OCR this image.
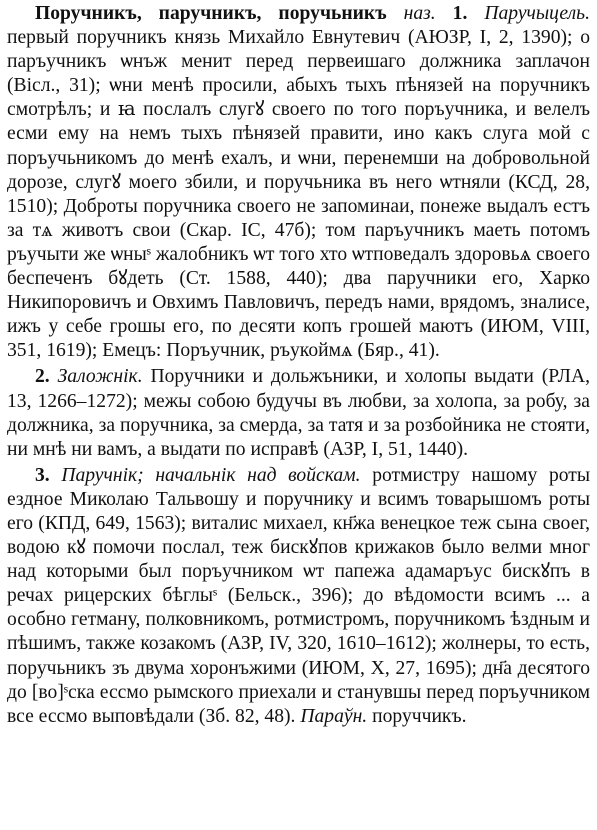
Поручникъ, паручникъ, поручьникъ наз. 1. Паручыцель. первый поручникъ князь Михайло Евнутевич (АЮЗР, I, 2, 1390); о паръучникъ ѡнъж менит перед первеишаго должника заплачон (Вісл., 31); ѡни менѣ просили, абыхъ тыхъ пѣнязей на поручникъ смотрѣлъ; и ꙗ послалъ слугꙋ своего по того поръучника, и велелъ есми ему на немъ тыхъ пѣнязей правити, ино какъ слуга мой с поръучьникомъ до менѣ ехалъ, и ѡни, перенемши на добровольной дорозе, слугꙋ моего збили, и поручьника въ него ѡтняли (КСД, 28, 1510); Доброты поручника своего не запоминаи, понеже выдалъ естъ за тѧ животъ свои (Скар. ІС, 47б); том паръучникъ маеть потомъ ръучыти же ѡныˢ жалобникъ ѡт того хто ѡтповедалъ здоровьѧ своего беспеченъ бꙋдеть (Ст. 1588, 440); два паручники его, Харко Никипоровичъ и Овхимъ Павловичъ, передъ нами, врядомъ, зналисе, ижъ у себе грошы его, по десяти копъ грошей маютъ (ИЮМ, VIII, 351, 1619); Емецъ: Поръучник, ръукоймѧ (Бяр., 41).

2. Заложнік. Поручники и дольжъники, и холопы выдати (РЛА, 13, 1266–1272); межы собою будучы въ любви, за холопа, за робу, за должника, за поручника, за смерда, за татя и за розбойника не стояти, ни мнѣ ни вамъ, а выдати по исправѣ (АЗР, I, 51, 1440).

3. Паручнік; начальнік над войскам. ротмистру нашому роты ездное Миколаю Тальвошу и поручнику и всимъ товарышомъ роты его (КПД, 649, 1563); виталис михаел, кн҃жа венецкое теж сына своег, водою кꙋ помочи послал, теж бискꙋпов крижаков было велми мног над которыми был поръучником ѡт папежа адамаръус бискꙋпъ в речах рицерских бѣглыˢ (Бельск., 396); до вѣдомости всимъ ... а особно гетману, полковникомъ, ротмистромъ, поручникомъ ѣздным и пѣшимъ, также козакомъ (АЗР, IV, 320, 1610–1612); жолнеры, то есть, поручьникъ зъ двума хоронъжими (ИЮМ, X, 27, 1695); дн҃а десятого до [во]ˢска ессмо рымского приехали и станувшы перед поръучником все ессмо выповѣдали (Зб. 82, 48). Параўн. поруччикъ.
